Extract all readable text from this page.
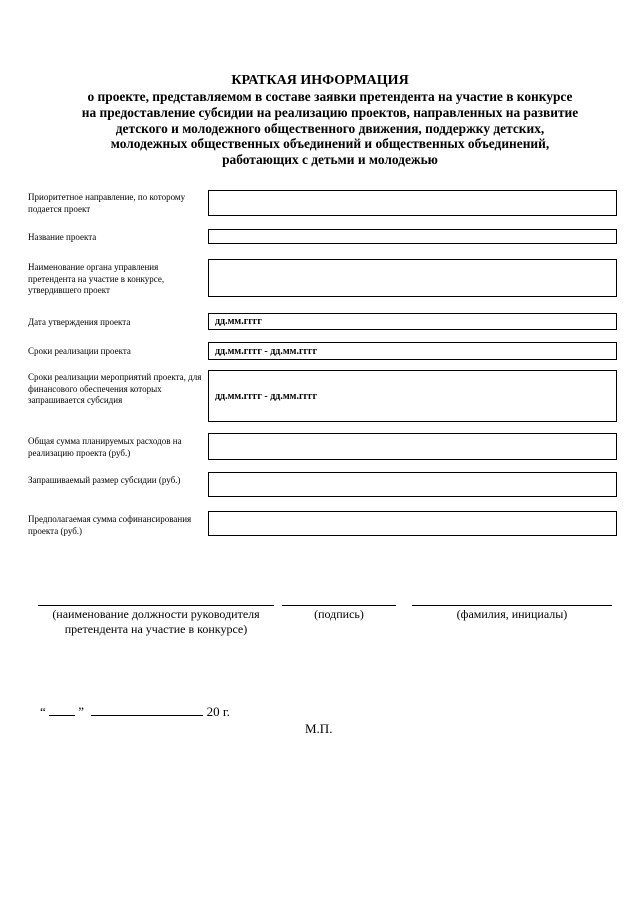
КРАТКАЯ ИНФОРМАЦИЯ
о проекте, представляемом в составе заявки претендента на участие в конкурсе
на предоставление субсидии на реализацию проектов, направленных на развитие
детского и молодежного общественного движения, поддержку детских,
молодежных общественных объединений и общественных объединений,
работающих с детьми и молодежью
Приоритетное направление, по которому подается проект
Название проекта
Наименование органа управления претендента на участие в конкурсе, утвердившего проект
Дата утверждения проекта	дд.мм.гггг
Сроки реализации проекта	дд.мм.гггг - дд.мм.гггг
Сроки реализации мероприятий проекта, для финансового обеспечения которых запрашивается субсидия	дд.мм.гггг - дд.мм.гггг
Общая сумма планируемых расходов на реализацию проекта (руб.)
Запрашиваемый размер субсидии (руб.)
Предполагаемая сумма софинансирования проекта (руб.)
(наименование должности руководителя претендента на участие в конкурсе)
(подпись)	(фамилия, инициалы)
“	”	20 г.
М.П.
